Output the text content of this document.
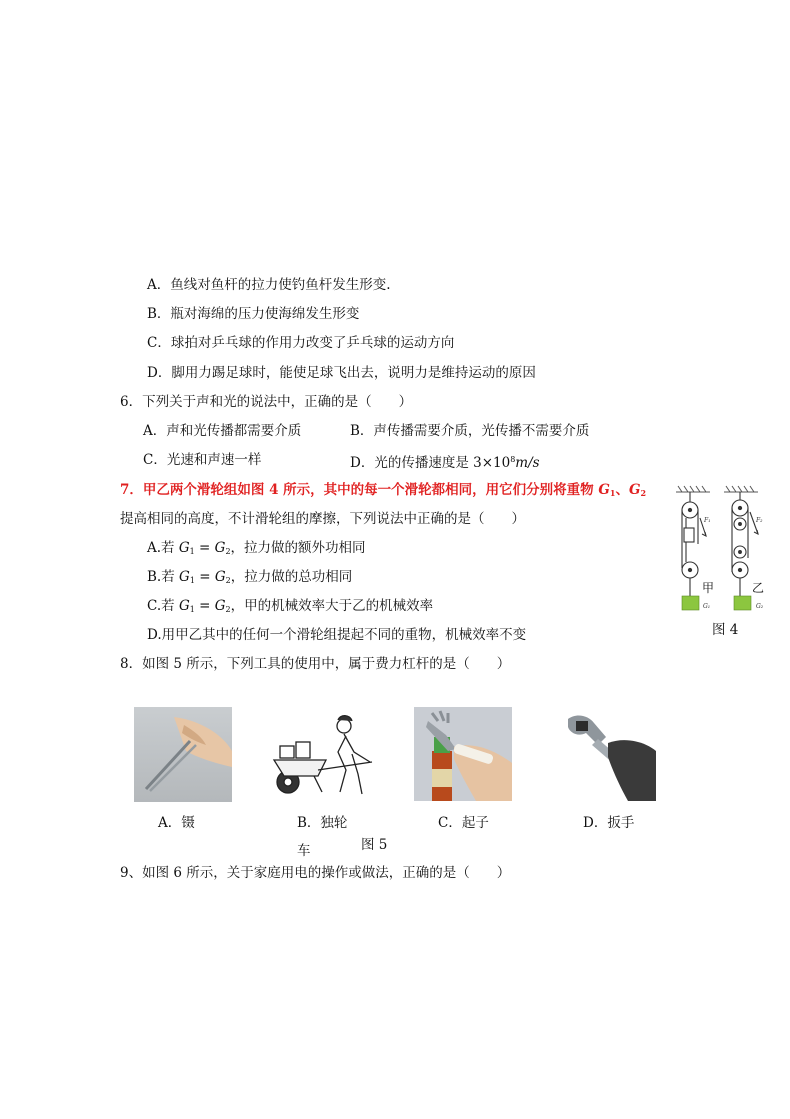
A．鱼线对鱼杆的拉力使钓鱼杆发生形变.
B．瓶对海绵的压力使海绵发生形变
C．球拍对乒乓球的作用力改变了乒乓球的运动方向
D．脚用力踢足球时，能使足球飞出去，说明力是维持运动的原因
6．下列关于声和光的说法中，正确的是（　　）
A．声和光传播都需要介质	B．声传播需要介质，光传播不需要介质
C．光速和声速一样	D．光的传播速度是 $3\times 10^8m/s$
7．甲乙两个滑轮组如图 4 所示，其中的每一个滑轮都相同，用它们分别将重物 $G_1$、$G_2$
提高相同的高度，不计滑轮组的摩擦，下列说法中正确的是（　　）
A.若 $G_1 = G_2$，拉力做的额外功相同
B.若 $G_1 = G_2$，拉力做的总功相同
C.若 $G_1 = G_2$，甲的机械效率大于乙的机械效率
D.用甲乙其中的任何一个滑轮组提起不同的重物，机械效率不变
F₁
甲
G₁
F₂
乙
G₂
图 4
8．如图 5 所示，下列工具的使用中，属于费力杠杆的是（　　）
A．镊	B．独轮
车	图 5
C．起子	D．扳手
9、如图 6 所示，关于家庭用电的操作或做法，正确的是（　　）
